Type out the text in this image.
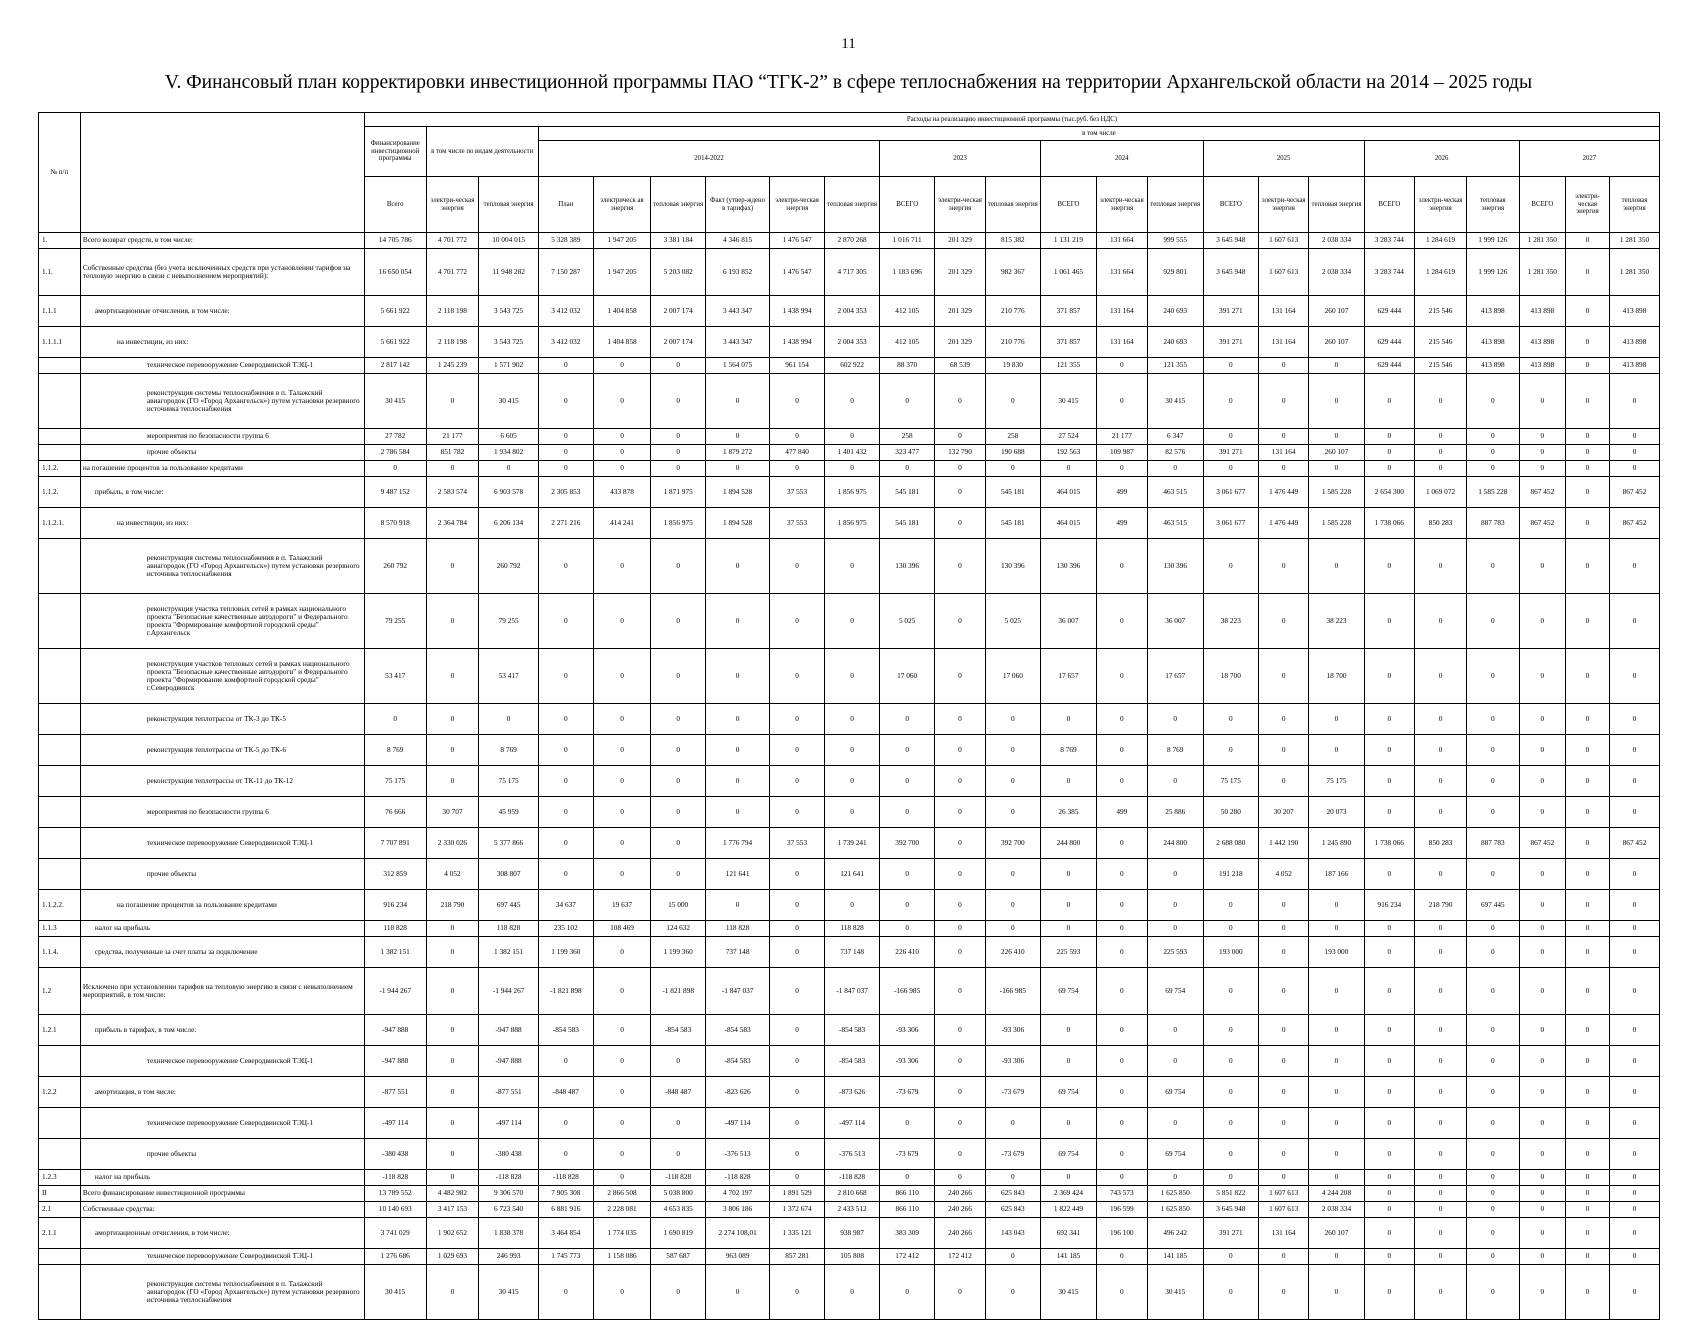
11
V. Финансовый план корректировки инвестиционной программы ПАО “ТГК-2” в сфере теплоснабжения на территории Архангельской области на 2014 – 2025 годы
№ п/п		Расходы на реализацию инвестиционной программы (тыс.руб. без НДС)																							
		Финансирование инвестиционной программы	в том числе по видам деятельности		в том числе																				
					2014-2022						2023			2024			2025			2026			2027		
		Всего	электри-ческая энергия	тепловая энергия	План	электрическ ая энергия	тепловая энергия	Факт (утвер-ждено в тарифах)	электри-ческая энергия	тепловая энергия	ВСЕГО	электри-ческая энергия	тепловая энергия	ВСЕГО	электри-ческая энергия	тепловая энергия	ВСЕГО	электри-ческая энергия	тепловая энергия	ВСЕГО	электри-ческая энергия	тепловая энергия	ВСЕГО	электри-ческая энергия	тепловая энергия
1.	Всего возврат средств, в том числе:	14 705 786	4 701 772	10 004 015	5 328 389	1 947 205	3 381 184	4 346 815	1 476 547	2 870 268	1 016 711	201 329	815 382	1 131 219	131 664	999 555	3 645 948	1 607 613	2 038 334	3 283 744	1 284 619	1 999 126	1 281 350	0	1 281 350
1.1.	Собственные средства (без учета исключенных средств при установлении тарифов на тепловую энергию в связи с невыполнением мероприятий):	16 650 054	4 701 772	11 948 282	7 150 287	1 947 205	5 203 082	6 193 852	1 476 547	4 717 305	1 183 696	201 329	982 367	1 061 465	131 664	929 801	3 645 948	1 607 613	2 038 334	3 283 744	1 284 619	1 999 126	1 281 350	0	1 281 350
1.1.1	амортизационные отчисления, в том числе:	5 661 922	2 118 198	3 543 725	3 412 032	1 404 858	2 007 174	3 443 347	1 438 994	2 004 353	412 105	201 329	210 776	371 857	131 164	240 693	391 271	131 164	260 107	629 444	215 546	413 898	413 898	0	413 898
1.1.1.1	на инвестиции, из них:	5 661 922	2 118 198	3 543 725	3 412 032	1 404 858	2 007 174	3 443 347	1 438 994	2 004 353	412 105	201 329	210 776	371 857	131 164	240 693	391 271	131 164	260 107	629 444	215 546	413 898	413 898	0	413 898
	техническое перевооружение Северодвинской ТЭЦ-1	2 817 142	1 245 239	1 571 902	0	0	0	1 564 075	961 154	602 922	88 370	68 539	19 830	121 355	0	121 355	0	0	0	629 444	215 546	413 898	413 898	0	413 898
	реконструкция системы теплоснабжения в п. Талажский авиагородок (ГО «Город Архангельск») путем установки резервного источника теплоснабжения	30 415	0	30 415	0	0	0	0	0	0	0	0	0	30 415	0	30 415	0	0	0	0	0	0	0	0	0
	мероприятия по безопасности группа 6	27 782	21 177	6 605	0	0	0	0	0	0	258	0	258	27 524	21 177	6 347	0	0	0	0	0	0	0	0	0
	прочие объекты	2 786 584	851 782	1 934 802	0	0	0	1 879 272	477 840	1 401 432	323 477	132 790	190 688	192 563	109 987	82 576	391 271	131 164	260 107	0	0	0	0	0	0
1.1.2.	на погашение процентов за пользование кредитами	0	0	0	0	0	0	0	0	0	0	0	0	0	0	0	0	0	0	0	0	0	0	0	0
1.1.2.	прибыль, в том числе:	9 487 152	2 583 574	6 903 578	2 305 853	433 878	1 871 975	1 894 528	37 553	1 856 975	545 181	0	545 181	464 015	499	463 515	3 061 677	1 476 449	1 585 228	2 654 300	1 069 072	1 585 228	867 452	0	867 452
1.1.2.1.	на инвестиции, из них:	8 570 918	2 364 784	6 206 134	2 271 216	414 241	1 856 975	1 894 528	37 553	1 856 975	545 181	0	545 181	464 015	499	463 515	3 061 677	1 476 449	1 585 228	1 738 066	850 283	887 783	867 452	0	867 452
	реконструкция системы теплоснабжения в п. Талажский авиагородок (ГО «Город Архангельск») путем установки резервного источника теплоснабжения	260 792	0	260 792	0	0	0	0	0	0	130 396	0	130 396	130 396	0	130 396	0	0	0	0	0	0	0	0	0
	реконструкция участка тепловых сетей в рамках национального проекта "Безопасные качественные автодороги" и Федерального проекта "Формирование комфортной городской среды" г.Архангельск	79 255	0	79 255	0	0	0	0	0	0	5 025	0	5 025	36 007	0	36 007	38 223	0	38 223	0	0	0	0	0	0
	реконструкция участков тепловых сетей в рамках национального проекта "Безопасные качественные автодороги" и Федерального проекта "Формирование комфортной городской среды" г.Северодвинск	53 417	0	53 417	0	0	0	0	0	0	17 060	0	17 060	17 657	0	17 657	18 700	0	18 700	0	0	0	0	0	0
	реконструкция теплотрассы от ТК-3 до ТК-5	0	0	0	0	0	0	0	0	0	0	0	0	0	0	0	0	0	0	0	0	0	0	0	0
	реконструкция теплотрассы от ТК-5 до ТК-6	8 769	0	8 769	0	0	0	0	0	0	0	0	0	8 769	0	8 769	0	0	0	0	0	0	0	0	0
	реконструкция теплотрассы от ТК-11 до ТК-12	75 175	0	75 175	0	0	0	0	0	0	0	0	0	0	0	0	75 175	0	75 175	0	0	0	0	0	0
	мероприятия по безопасности группа 6	76 666	30 707	45 959	0	0	0	0	0	0	0	0	0	26 385	499	25 886	50 280	30 207	20 073	0	0	0	0	0	0
	техническое перевооружение Северодвинской ТЭЦ-1	7 707 891	2 330 026	5 377 866	0	0	0	1 776 794	37 553	1 739 241	392 700	0	392 700	244 800	0	244 800	2 688 080	1 442 190	1 245 890	1 738 066	850 283	887 783	867 452	0	867 452
	прочие объекты	312 859	4 052	308 807	0	0	0	121 641	0	121 641	0	0	0	0	0	0	191 218	4 052	187 166	0	0	0	0	0	0
1.1.2.2.	на погашение процентов за пользование кредитами	916 234	218 790	697 445	34 637	19 637	15 000	0	0	0	0	0	0	0	0	0	0	0	0	916 234	218 790	697 445	0	0	0
1.1.3	налог на прибыль	118 828	0	118 828	235 102	108 469	124 632	118 828	0	118 828	0	0	0	0	0	0	0	0	0	0	0	0	0	0	0
1.1.4.	средства, полученные за счет платы за подключение	1 382 151	0	1 382 151	1 199 360	0	1 199 360	737 148	0	737 148	226 410	0	226 410	225 593	0	225 593	193 000	0	193 000	0	0	0	0	0	0
1.2	Исключено при установлении тарифов на тепловую энергию в связи с невыполнением мероприятий, в том числе:	-1 944 267	0	-1 944 267	-1 821 898	0	-1 821 898	-1 847 037	0	-1 847 037	-166 985	0	-166 985	69 754	0	69 754	0	0	0	0	0	0	0	0	0
1.2.1	прибыль в тарифах, в том числе:	-947 888	0	-947 888	-854 583	0	-854 583	-854 583	0	-854 583	-93 306	0	-93 306	0	0	0	0	0	0	0	0	0	0	0	0
	техническое перевооружение Северодвинской ТЭЦ-1	-947 888	0	-947 888	0	0	0	-854 583	0	-854 583	-93 306	0	-93 306	0	0	0	0	0	0	0	0	0	0	0	0
1.2.2	амортизация, в том числе:	-877 551	0	-877 551	-848 487	0	-848 487	-823 626	0	-873 626	-73 679	0	-73 679	69 754	0	69 754	0	0	0	0	0	0	0	0	0
	техническое перевооружение Северодвинской ТЭЦ-1	-497 114	0	-497 114	0	0	0	-497 114	0	-497 114	0	0	0	0	0	0	0	0	0	0	0	0	0	0	0
	прочие объекты	-380 438	0	-380 438	0	0	0	-376 513	0	-376 513	-73 679	0	-73 679	69 754	0	69 754	0	0	0	0	0	0	0	0	0
1.2.3	налог на прибыль	-118 828	0	-118 828	-118 828	0	-118 828	-118 828	0	-118 828	0	0	0	0	0	0	0	0	0	0	0	0	0	0	0
II	Всего финансирование инвестиционной программы	13 789 552	4 482 982	9 306 570	7 905 308	2 866 508	5 038 800	4 702 197	1 891 529	2 810 668	866 110	240 266	625 843	2 369 424	743 573	1 625 850	5 851 822	1 607 613	4 244 208	0	0	0	0	0	0
2.1	Собственные средства:	10 140 693	3 417 153	6 723 540	6 881 916	2 228 081	4 653 835	3 806 186	1 372 674	2 433 512	866 110	240 266	625 843	1 822 449	196 599	1 625 850	3 645 948	1 607 613	2 038 334	0	0	0	0	0	0
2.1.1	амортизационные отчисления, в том числе:	3 741 029	1 902 652	1 838 378	3 464 854	1 774 035	1 690 819	2 274 108,01	1 335 121	938 987	383 309	240 266	143 043	692 341	196 100	496 242	391 271	131 164	260 107	0	0	0	0	0	0
	техническое перевооружение Северодвинской ТЭЦ-1	1 276 686	1 029 693	246 993	1 745 773	1 158 086	587 687	963 089	857 281	105 808	172 412	172 412	0	141 185	0	141 185	0	0	0	0	0	0	0	0	0
	реконструкция системы теплоснабжения в п. Талажский авиагородок (ГО «Город Архангельск») путем установки резервного источника теплоснабжения	30 415	0	30 415	0	0	0	0	0	0	0	0	0	30 415	0	30 415	0	0	0	0	0	0	0	0	0
